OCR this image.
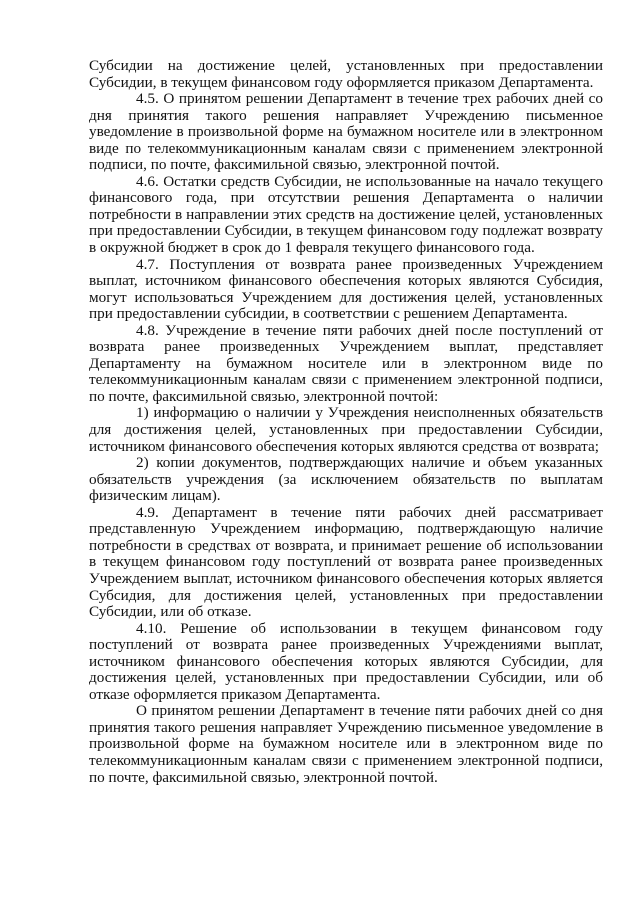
Субсидии на достижение целей, установленных при предоставлении Субсидии, в текущем финансовом году оформляется приказом Департамента.

4.5. О принятом решении Департамент в течение трех рабочих дней со дня принятия такого решения направляет Учреждению письменное уведомление в произвольной форме на бумажном носителе или в электронном виде по телекоммуникационным каналам связи с применением электронной подписи, по почте, факсимильной связью, электронной почтой.

4.6. Остатки средств Субсидии, не использованные на начало текущего финансового года, при отсутствии решения Департамента о наличии потребности в направлении этих средств на достижение целей, установленных при предоставлении Субсидии, в текущем финансовом году подлежат возврату в окружной бюджет в срок до 1 февраля текущего финансового года.

4.7. Поступления от возврата ранее произведенных Учреждением выплат, источником финансового обеспечения которых являются Субсидия, могут использоваться Учреждением для достижения целей, установленных при предоставлении субсидии, в соответствии с решением Департамента.

4.8. Учреждение в течение пяти рабочих дней после поступлений от возврата ранее произведенных Учреждением выплат, представляет Департаменту на бумажном носителе или в электронном виде по телекоммуникационным каналам связи с применением электронной подписи, по почте, факсимильной связью, электронной почтой:

1) информацию о наличии у Учреждения неисполненных обязательств для достижения целей, установленных при предоставлении Субсидии, источником финансового обеспечения которых являются средства от возврата;

2) копии документов, подтверждающих наличие и объем указанных обязательств учреждения (за исключением обязательств по выплатам физическим лицам).

4.9. Департамент в течение пяти рабочих дней рассматривает представленную Учреждением информацию, подтверждающую наличие потребности в средствах от возврата, и принимает решение об использовании в текущем финансовом году поступлений от возврата ранее произведенных Учреждением выплат, источником финансового обеспечения которых является Субсидия, для достижения целей, установленных при предоставлении Субсидии, или об отказе.

4.10. Решение об использовании в текущем финансовом году поступлений от возврата ранее произведенных Учреждениями выплат, источником финансового обеспечения которых являются Субсидии, для достижения целей, установленных при предоставлении Субсидии, или об отказе оформляется приказом Департамента.

О принятом решении Департамент в течение пяти рабочих дней со дня принятия такого решения направляет Учреждению письменное уведомление в произвольной форме на бумажном носителе или в электронном виде по телекоммуникационным каналам связи с применением электронной подписи, по почте, факсимильной связью, электронной почтой.
